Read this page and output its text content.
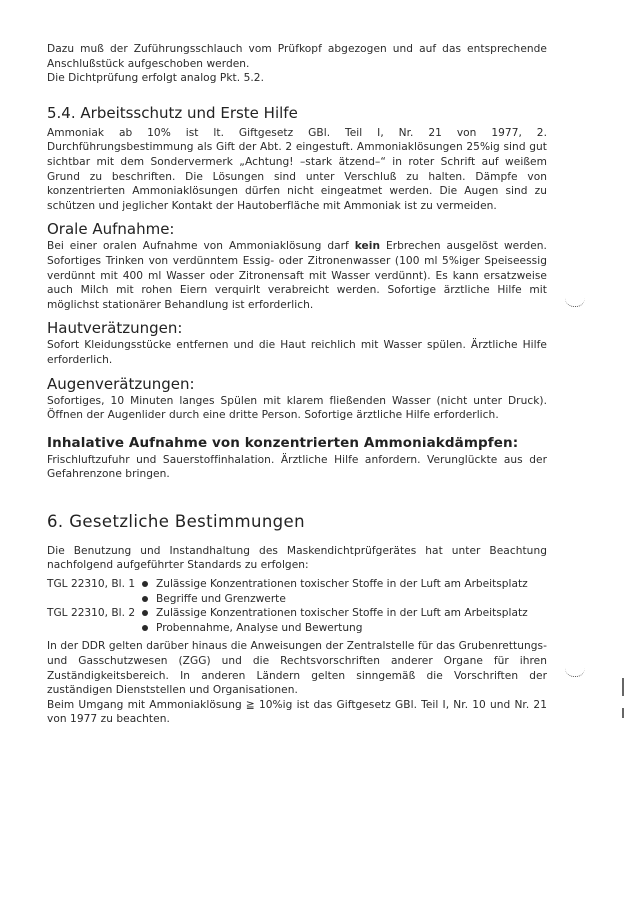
Dazu muß der Zuführungsschlauch vom Prüfkopf abgezogen und auf das entsprechende Anschlußstück aufgeschoben werden.

Die Dichtprüfung erfolgt analog Pkt. 5.2.

5.4. Arbeitsschutz und Erste Hilfe

Ammoniak ab 10% ist lt. Giftgesetz GBl. Teil I, Nr. 21 von 1977, 2. Durchführungsbestimmung als Gift der Abt. 2 eingestuft. Ammoniaklösungen 25%ig sind gut sichtbar mit dem Sondervermerk „Achtung! –stark ätzend–“ in roter Schrift auf weißem Grund zu beschriften. Die Lösungen sind unter Verschluß zu halten. Dämpfe von konzentrierten Ammoniaklösungen dürfen nicht eingeatmet werden. Die Augen sind zu schützen und jeglicher Kontakt der Hautoberfläche mit Ammoniak ist zu vermeiden.

Orale Aufnahme:

Bei einer oralen Aufnahme von Ammoniaklösung darf kein Erbrechen ausgelöst werden. Sofortiges Trinken von verdünntem Essig- oder Zitronenwasser (100 ml 5%iger Speiseessig verdünnt mit 400 ml Wasser oder Zitronensaft mit Wasser verdünnt). Es kann ersatzweise auch Milch mit rohen Eiern verquirlt verabreicht werden. Sofortige ärztliche Hilfe mit möglichst stationärer Behandlung ist erforderlich.

Hautverätzungen:

Sofort Kleidungsstücke entfernen und die Haut reichlich mit Wasser spülen. Ärztliche Hilfe erforderlich.

Augenverätzungen:

Sofortiges, 10 Minuten langes Spülen mit klarem fließenden Wasser (nicht unter Druck). Öffnen der Augenlider durch eine dritte Person. Sofortige ärztliche Hilfe erforderlich.

Inhalative Aufnahme von konzentrierten Ammoniakdämpfen:

Frischluftzufuhr und Sauerstoffinhalation. Ärztliche Hilfe anfordern. Verunglückte aus der Gefahrenzone bringen.

6. Gesetzliche Bestimmungen

Die Benutzung und Instandhaltung des Maskendichtprüfgerätes hat unter Beachtung nachfolgend aufgeführter Standards zu erfolgen:

TGL 22310, Bl. 1 Zulässige Konzentrationen toxischer Stoffe in der Luft am Arbeitsplatz
Begriffe und Grenzwerte
TGL 22310, Bl. 2 Zulässige Konzentrationen toxischer Stoffe in der Luft am Arbeitsplatz
Probennahme, Analyse und Bewertung

In der DDR gelten darüber hinaus die Anweisungen der Zentralstelle für das Grubenrettungs- und Gasschutzwesen (ZGG) und die Rechtsvorschriften anderer Organe für ihren Zuständigkeitsbereich. In anderen Ländern gelten sinngemäß die Vorschriften der zuständigen Dienststellen und Organisationen.

Beim Umgang mit Ammoniaklösung ≧ 10%ig ist das Giftgesetz GBl. Teil I, Nr. 10 und Nr. 21 von 1977 zu beachten.
